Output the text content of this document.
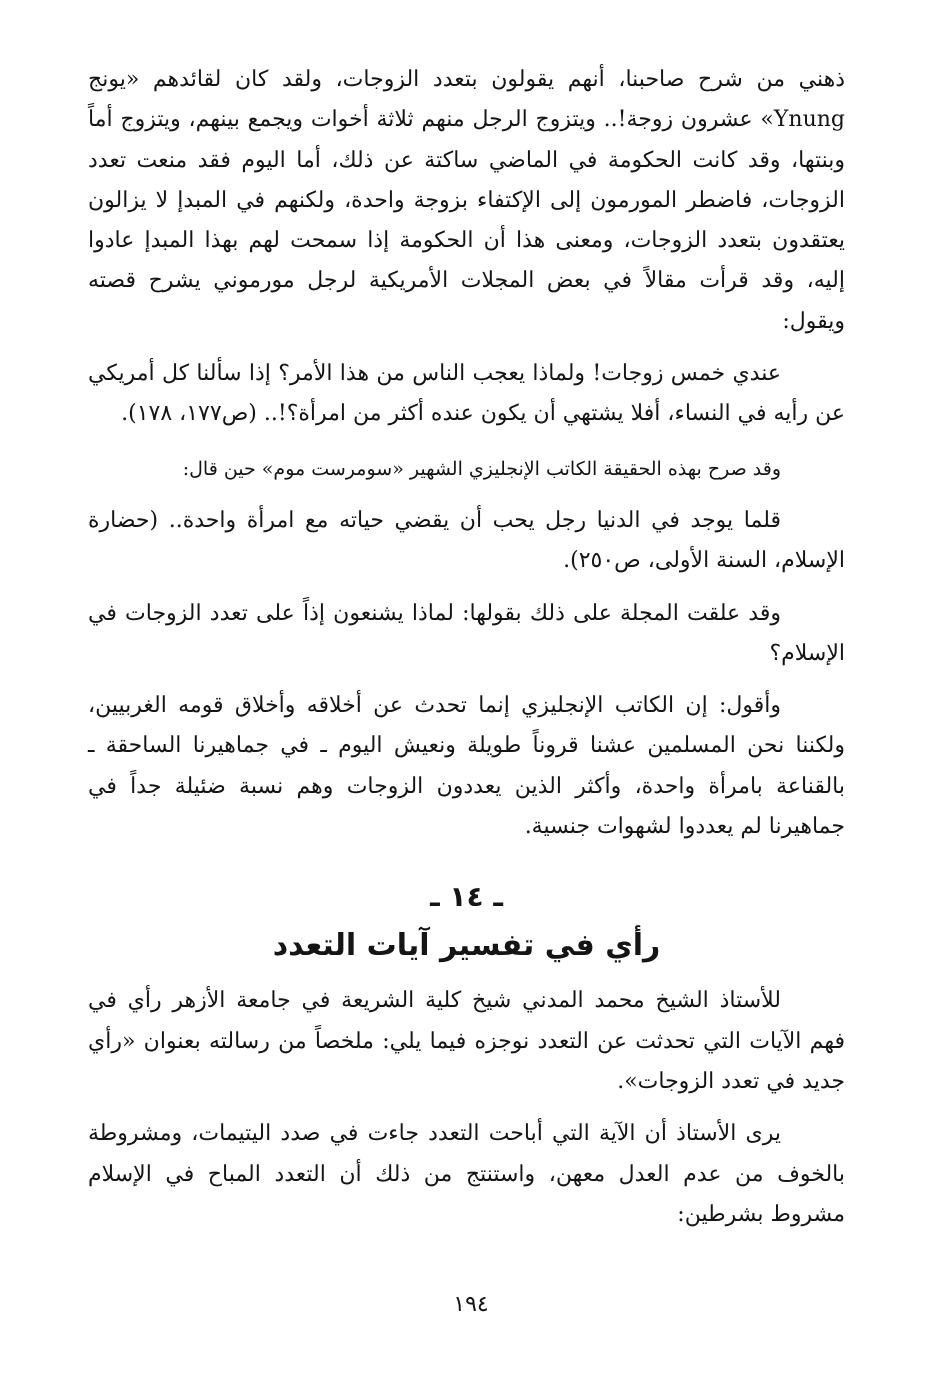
ذهني من شرح صاحبنا، أنهم يقولون بتعدد الزوجات، ولقد كان لقائدهم «يونج Ynung» عشرون زوجة!.. ويتزوج الرجل منهم ثلاثة أخوات ويجمع بينهم، ويتزوج أماً وبنتها، وقد كانت الحكومة في الماضي ساكتة عن ذلك، أما اليوم فقد منعت تعدد الزوجات، فاضطر المورمون إلى الإكتفاء بزوجة واحدة، ولكنهم في المبدإ لا يزالون يعتقدون بتعدد الزوجات، ومعنى هذا أن الحكومة إذا سمحت لهم بهذا المبدإ عادوا إليه، وقد قرأت مقالاً في بعض المجلات الأمريكية لرجل مورموني يشرح قصته ويقول:

عندي خمس زوجات! ولماذا يعجب الناس من هذا الأمر؟ إذا سألنا كل أمريكي عن رأيه في النساء، أفلا يشتهي أن يكون عنده أكثر من امرأة؟!.. (ص١٧٧، ١٧٨).

وقد صرح بهذه الحقيقة الكاتب الإنجليزي الشهير «سومرست موم» حين قال:

قلما يوجد في الدنيا رجل يحب أن يقضي حياته مع امرأة واحدة.. (حضارة الإسلام، السنة الأولى، ص٢٥٠).

وقد علقت المجلة على ذلك بقولها: لماذا يشنعون إذاً على تعدد الزوجات في الإسلام؟

وأقول: إن الكاتب الإنجليزي إنما تحدث عن أخلاقه وأخلاق قومه الغربيين، ولكننا نحن المسلمين عشنا قروناً طويلة ونعيش اليوم ـ في جماهيرنا الساحقة ـ بالقناعة بامرأة واحدة، وأكثر الذين يعددون الزوجات وهم نسبة ضئيلة جداً في جماهيرنا لم يعددوا لشهوات جنسية.

ـ ١٤ ـ
رأي في تفسير آيات التعدد

للأستاذ الشيخ محمد المدني شيخ كلية الشريعة في جامعة الأزهر رأي في فهم الآيات التي تحدثت عن التعدد نوجزه فيما يلي: ملخصاً من رسالته بعنوان «رأي جديد في تعدد الزوجات».

يرى الأستاذ أن الآية التي أباحت التعدد جاءت في صدد اليتيمات، ومشروطة بالخوف من عدم العدل معهن، واستنتج من ذلك أن التعدد المباح في الإسلام مشروط بشرطين:

١٩٤
